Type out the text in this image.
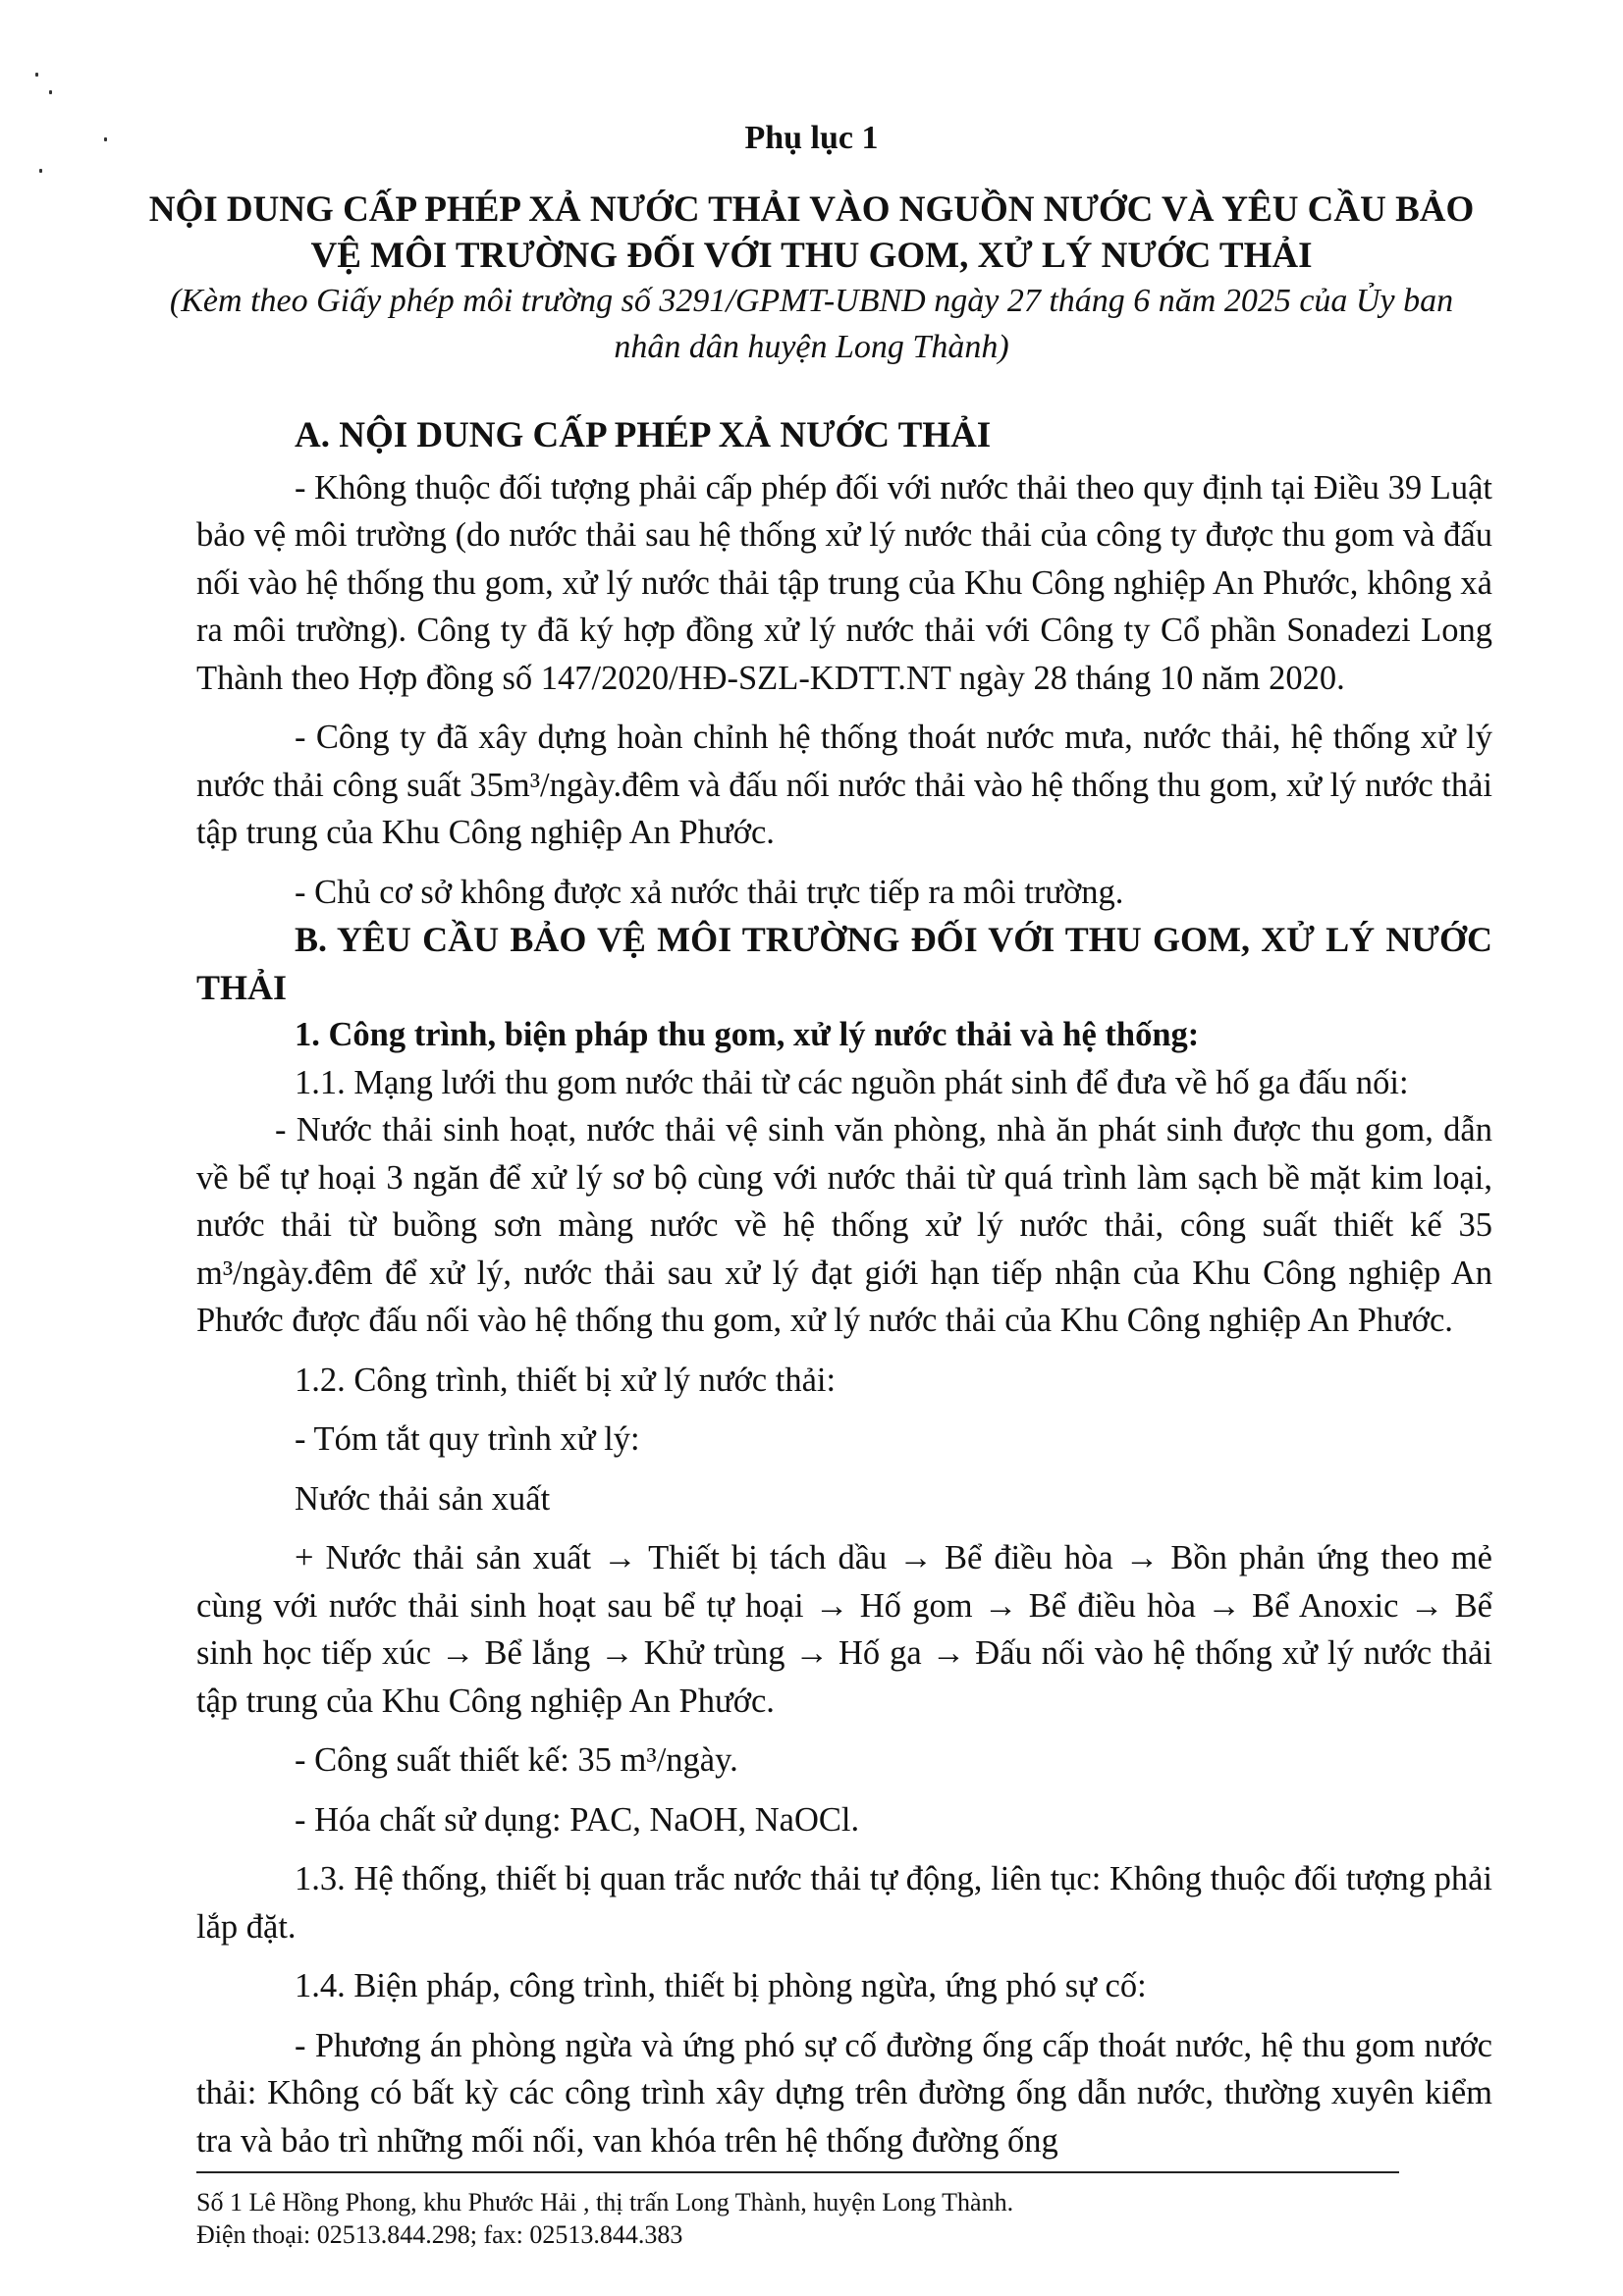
Phụ lục 1
NỘI DUNG CẤP PHÉP XẢ NƯỚC THẢI VÀO NGUỒN NƯỚC VÀ YÊU CẦU BẢO VỆ MÔI TRƯỜNG ĐỐI VỚI THU GOM, XỬ LÝ NƯỚC THẢI
(Kèm theo Giấy phép môi trường số 3291/GPMT-UBND ngày 27 tháng 6 năm 2025 của Ủy ban nhân dân huyện Long Thành)

A. NỘI DUNG CẤP PHÉP XẢ NƯỚC THẢI

- Không thuộc đối tượng phải cấp phép đối với nước thải theo quy định tại Điều 39 Luật bảo vệ môi trường (do nước thải sau hệ thống xử lý nước thải của công ty được thu gom và đấu nối vào hệ thống thu gom, xử lý nước thải tập trung của Khu Công nghiệp An Phước, không xả ra môi trường). Công ty đã ký hợp đồng xử lý nước thải với Công ty Cổ phần Sonadezi Long Thành theo Hợp đồng số 147/2020/HĐ-SZL-KDTT.NT ngày 28 tháng 10 năm 2020.

- Công ty đã xây dựng hoàn chỉnh hệ thống thoát nước mưa, nước thải, hệ thống xử lý nước thải công suất 35m³/ngày.đêm và đấu nối nước thải vào hệ thống thu gom, xử lý nước thải tập trung của Khu Công nghiệp An Phước.

- Chủ cơ sở không được xả nước thải trực tiếp ra môi trường.

B. YÊU CẦU BẢO VỆ MÔI TRƯỜNG ĐỐI VỚI THU GOM, XỬ LÝ NƯỚC THẢI

1. Công trình, biện pháp thu gom, xử lý nước thải và hệ thống:

1.1. Mạng lưới thu gom nước thải từ các nguồn phát sinh để đưa về hố ga đấu nối:

- Nước thải sinh hoạt, nước thải vệ sinh văn phòng, nhà ăn phát sinh được thu gom, dẫn về bể tự hoại 3 ngăn để xử lý sơ bộ cùng với nước thải từ quá trình làm sạch bề mặt kim loại, nước thải từ buồng sơn màng nước về hệ thống xử lý nước thải, công suất thiết kế 35 m³/ngày.đêm để xử lý, nước thải sau xử lý đạt giới hạn tiếp nhận của Khu Công nghiệp An Phước được đấu nối vào hệ thống thu gom, xử lý nước thải của Khu Công nghiệp An Phước.

1.2. Công trình, thiết bị xử lý nước thải:

- Tóm tắt quy trình xử lý:

Nước thải sản xuất

+ Nước thải sản xuất → Thiết bị tách dầu → Bể điều hòa → Bồn phản ứng theo mẻ cùng với nước thải sinh hoạt sau bể tự hoại → Hố gom → Bể điều hòa → Bể Anoxic → Bể sinh học tiếp xúc → Bể lắng → Khử trùng → Hố ga → Đấu nối vào hệ thống xử lý nước thải tập trung của Khu Công nghiệp An Phước.

- Công suất thiết kế: 35 m³/ngày.

- Hóa chất sử dụng: PAC, NaOH, NaOCl.

1.3. Hệ thống, thiết bị quan trắc nước thải tự động, liên tục: Không thuộc đối tượng phải lắp đặt.

1.4. Biện pháp, công trình, thiết bị phòng ngừa, ứng phó sự cố:

- Phương án phòng ngừa và ứng phó sự cố đường ống cấp thoát nước, hệ thu gom nước thải: Không có bất kỳ các công trình xây dựng trên đường ống dẫn nước, thường xuyên kiểm tra và bảo trì những mối nối, van khóa trên hệ thống đường ống

Số 1 Lê Hồng Phong, khu Phước Hải , thị trấn Long Thành, huyện Long Thành.

Điện thoại: 02513.844.298; fax: 02513.844.383
